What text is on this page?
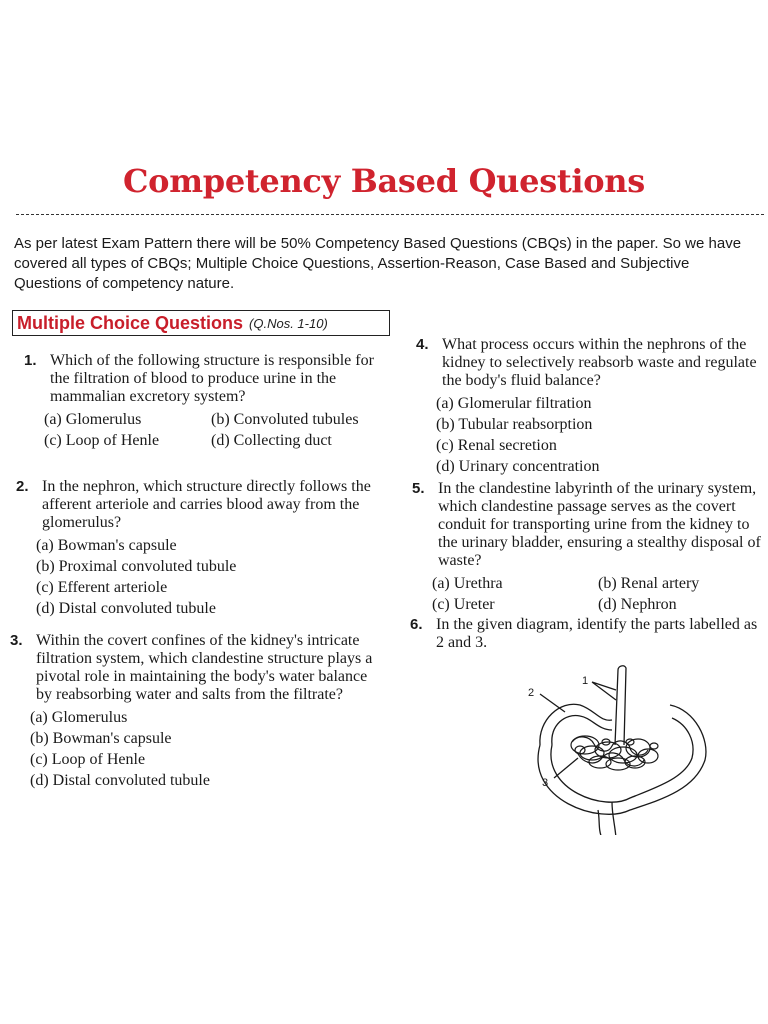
Competency Based Questions
As per latest Exam Pattern there will be 50% Competency Based Questions (CBQs) in the paper. So we have covered all types of CBQs; Multiple Choice Questions, Assertion-Reason, Case Based and Subjective Questions of competency nature.
Multiple Choice Questions (Q.Nos. 1-10)
1. Which of the following structure is responsible for the filtration of blood to produce urine in the mammalian excretory system?
(a) Glomerulus	(b) Convoluted tubules
(c) Loop of Henle	(d) Collecting duct
2. In the nephron, which structure directly follows the afferent arteriole and carries blood away from the glomerulus?
(a) Bowman's capsule
(b) Proximal convoluted tubule
(c) Efferent arteriole
(d) Distal convoluted tubule
3. Within the covert confines of the kidney's intricate filtration system, which clandestine structure plays a pivotal role in maintaining the body's water balance by reabsorbing water and salts from the filtrate?
(a) Glomerulus
(b) Bowman's capsule
(c) Loop of Henle
(d) Distal convoluted tubule
4. What process occurs within the nephrons of the kidney to selectively reabsorb waste and regulate the body's fluid balance?
(a) Glomerular filtration
(b) Tubular reabsorption
(c) Renal secretion
(d) Urinary concentration
5. In the clandestine labyrinth of the urinary system, which clandestine passage serves as the covert conduit for transporting urine from the kidney to the urinary bladder, ensuring a stealthy disposal of waste?
(a) Urethra	(b) Renal artery
(c) Ureter	(d) Nephron
6. In the given diagram, identify the parts labelled as 2 and 3.
1
2
3
